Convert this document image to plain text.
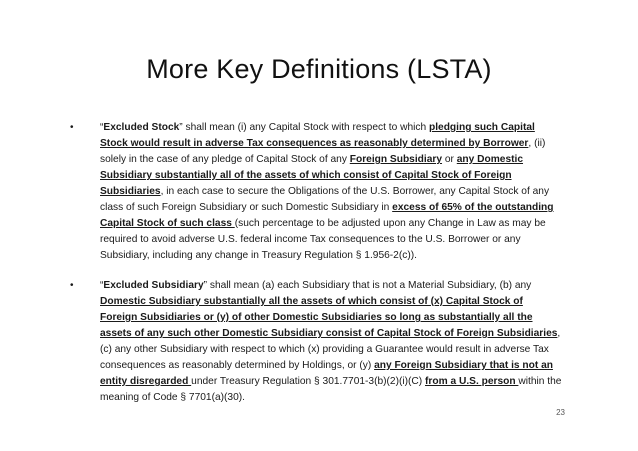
More Key Definitions (LSTA)
•	“Excluded Stock” shall mean (i) any Capital Stock with respect to which pledging such Capital Stock would result in adverse Tax consequences as reasonably determined by Borrower, (ii) solely in the case of any pledge of Capital Stock of any Foreign Subsidiary or any Domestic Subsidiary substantially all of the assets of which consist of Capital Stock of Foreign Subsidiaries, in each case to secure the Obligations of the U.S. Borrower, any Capital Stock of any class of such Foreign Subsidiary or such Domestic Subsidiary in excess of 65% of the outstanding Capital Stock of such class (such percentage to be adjusted upon any Change in Law as may be required to avoid adverse U.S. federal income Tax consequences to the U.S. Borrower or any Subsidiary, including any change in Treasury Regulation § 1.956-2(c)).
•	“Excluded Subsidiary” shall mean (a) each Subsidiary that is not a Material Subsidiary, (b) any Domestic Subsidiary substantially all the assets of which consist of (x) Capital Stock of Foreign Subsidiaries or (y) of other Domestic Subsidiaries so long as substantially all the assets of any such other Domestic Subsidiary consist of Capital Stock of Foreign Subsidiaries, (c) any other Subsidiary with respect to which (x) providing a Guarantee would result in adverse Tax consequences as reasonably determined by Holdings, or (y) any Foreign Subsidiary that is not an entity disregarded under Treasury Regulation § 301.7701-3(b)(2)(i)(C) from a U.S. person within the meaning of Code § 7701(a)(30).
23
